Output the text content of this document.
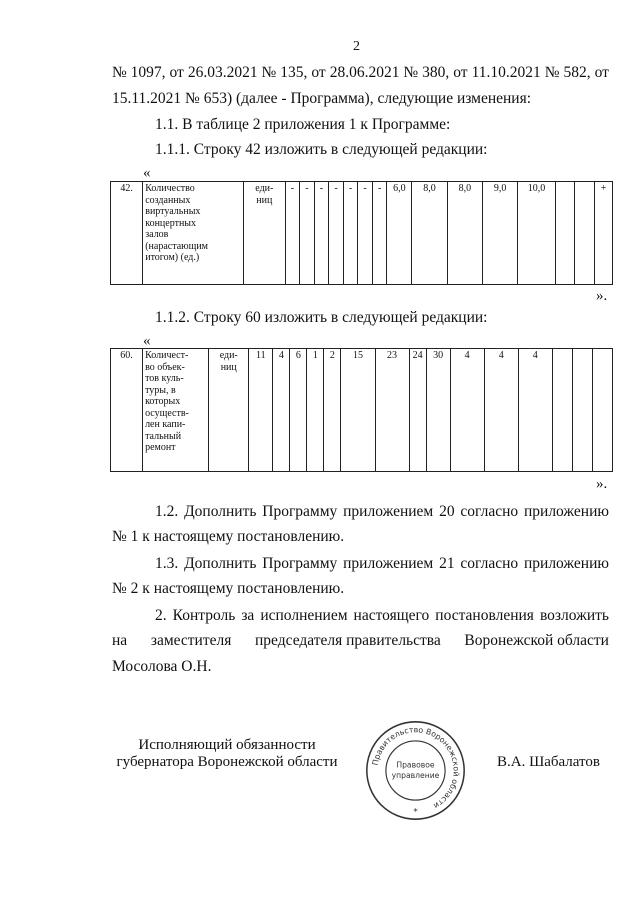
2
№ 1097, от 26.03.2021 № 135, от 28.06.2021 № 380, от 11.10.2021 № 582, от
15.11.2021 № 653) (далее - Программа), следующие изменения:
1.1. В таблице 2 приложения 1 к Программе:
1.1.1. Строку 42 изложить в следующей редакции:
«
42.	Количество
созданных
виртуальных
концертных
залов
(нарастающим
итогом) (ед.)	еди-
ниц	-	-	-	-	-	-	-	6,0	8,0	8,0	9,0	10,0			+
».
1.1.2. Строку 60 изложить в следующей редакции:
«
60.	Количест-
во объек-
тов куль-
туры, в
которых
осуществ-
лен капи-
тальный
ремонт	еди-
ниц	11	4	6	1	2	15	23	24	30	4	4	4			
».
1.2. Дополнить Программу приложением 20 согласно приложению
№ 1 к настоящему постановлению.
1.3. Дополнить Программу приложением 21 согласно приложению
№ 2 к настоящему постановлению.
2. Контроль за исполнением настоящего постановления возложить
на заместителя председателя правительства Воронежской области
Мосолова О.Н.
Исполняющий обязанности
губернатора Воронежской области	Правительство Воронежской области
Правовое
управление
*
В.А. Шабалатов
